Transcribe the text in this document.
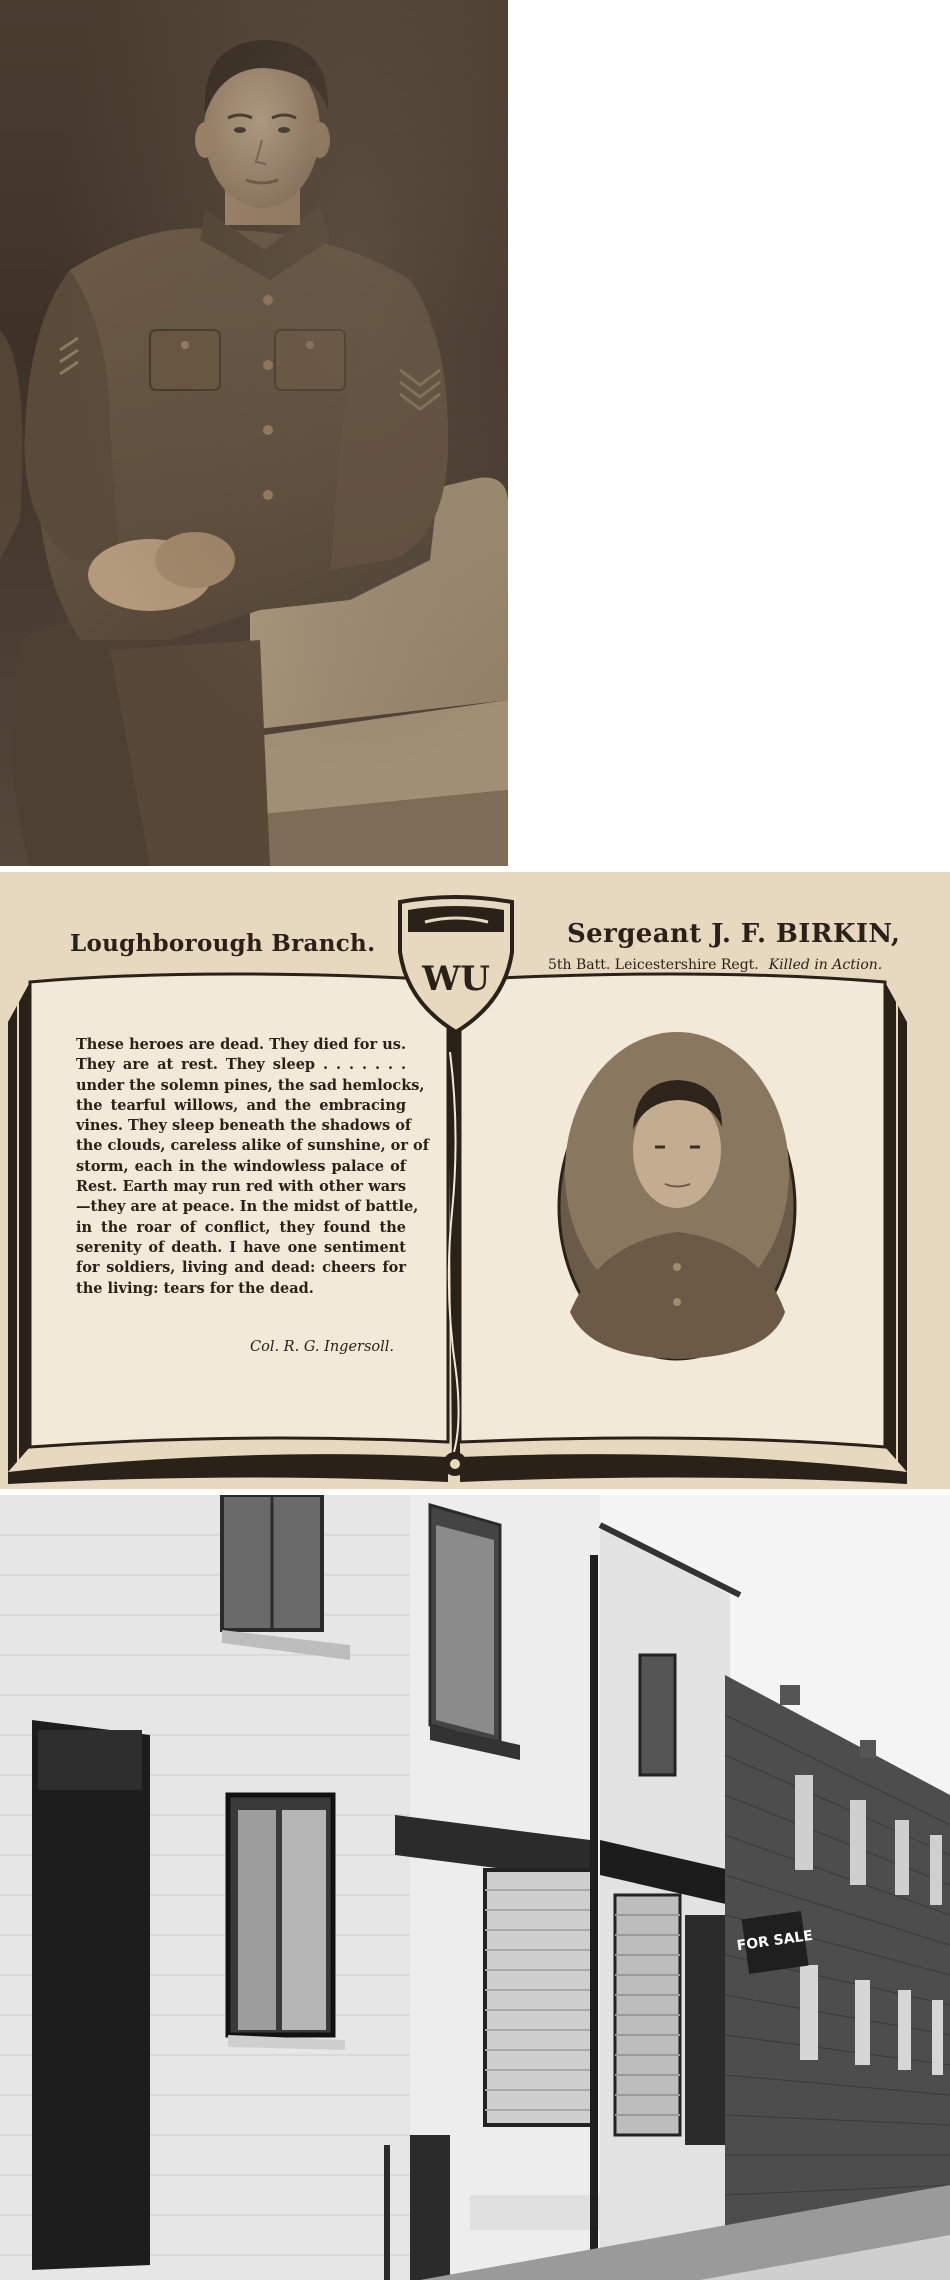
WU
Loughborough Branch.	Sergeant J. F. BIRKIN,
5th Batt. Leicestershire Regt. Killed in Action.
These heroes are dead. They died for us.
They are at rest. They sleep . . . . . . .
under the solemn pines, the sad hemlocks,
the tearful willows, and the embracing
vines. They sleep beneath the shadows of
the clouds, careless alike of sunshine, or of
storm, each in the windowless palace of
Rest. Earth may run red with other wars
—they are at peace. In the midst of battle,
in the roar of conflict, they found the
serenity of death. I have one sentiment
for soldiers, living and dead: cheers for
the living: tears for the dead.
Col. R. G. Ingersoll.
FOR SALE
